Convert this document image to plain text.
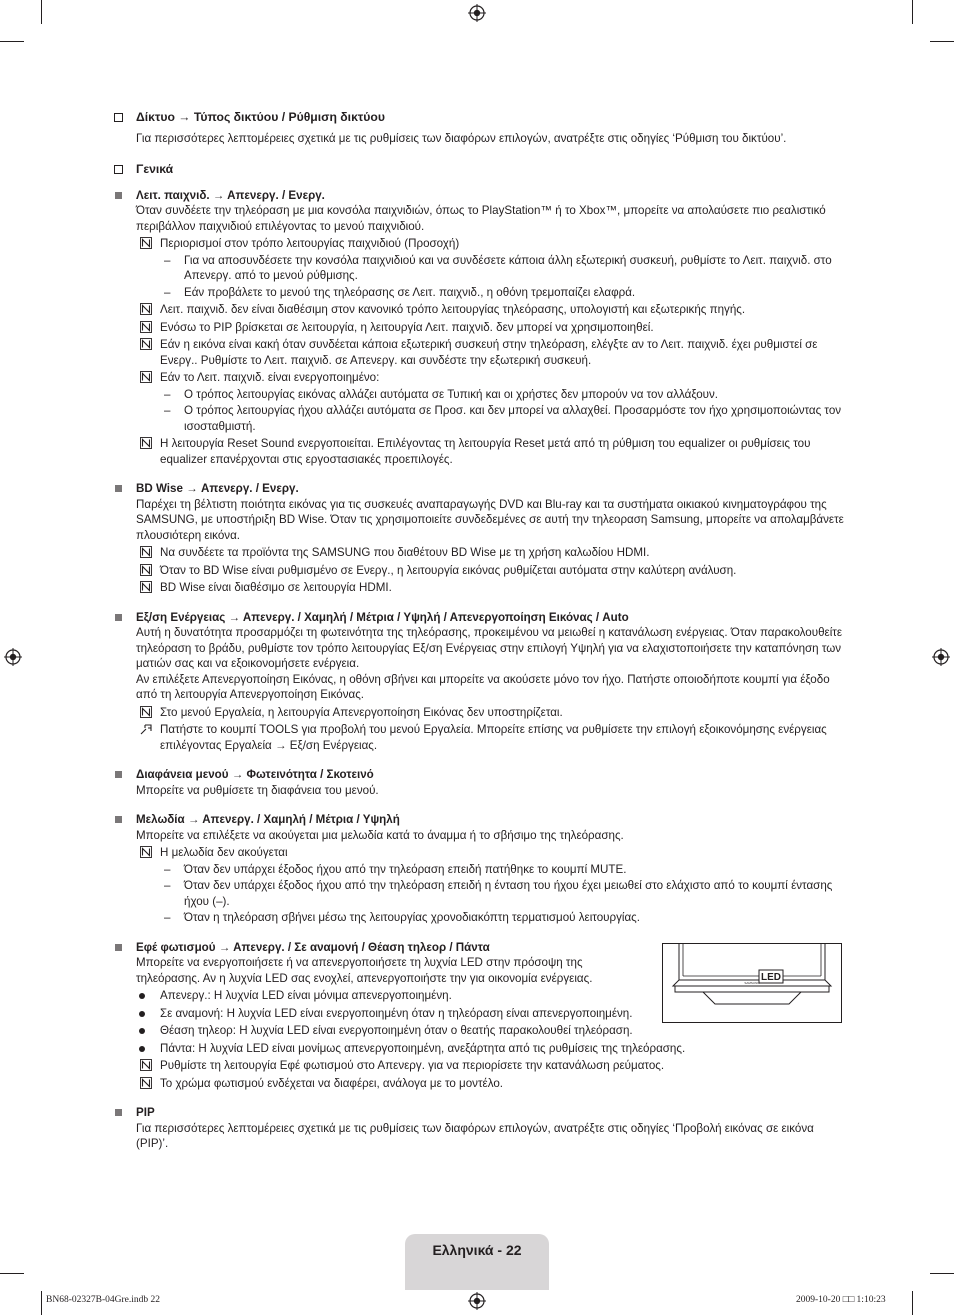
Δίκτυο → Τύπος δικτύου / Ρύθμιση δικτύου
Για περισσότερες λεπτομέρειες σχετικά με τις ρυθμίσεις των διαφόρων επιλογών, ανατρέξτε στις οδηγίες ‘Ρύθμιση του δικτύου’.
Γενικά
Λειτ. παιχνιδ. → Απενεργ. / Ενεργ.
Όταν συνδέετε την τηλεόραση με μια κονσόλα παιχνιδιών, όπως το PlayStation™ ή το Xbox™, μπορείτε να απολαύσετε πιο ρεαλιστικό περιβάλλον παιχνιδιού επιλέγοντας το μενού παιχνιδιού.
Περιορισμοί στον τρόπο λειτουργίας παιχνιδιού (Προσοχή)
– Για να αποσυνδέσετε την κονσόλα παιχνιδιού και να συνδέσετε κάποια άλλη εξωτερική συσκευή, ρυθμίστε το Λειτ. παιχνιδ. στο Απενεργ. από το μενού ρύθμισης.
– Εάν προβάλετε το μενού της τηλεόρασης σε Λειτ. παιχνιδ., η οθόνη τρεμοπαίζει ελαφρά.
Λειτ. παιχνιδ. δεν είναι διαθέσιμη στον κανονικό τρόπο λειτουργίας τηλεόρασης, υπολογιστή και εξωτερικής πηγής.
Ενόσω το PIP βρίσκεται σε λειτουργία, η λειτουργία Λειτ. παιχνιδ. δεν μπορεί να χρησιμοποιηθεί.
Εάν η εικόνα είναι κακή όταν συνδέεται κάποια εξωτερική συσκευή στην τηλεόραση, ελέγξτε αν το Λειτ. παιχνιδ. έχει ρυθμιστεί σε Ενεργ.. Ρυθμίστε το Λειτ. παιχνιδ. σε Απενεργ. και συνδέστε την εξωτερική συσκευή.
Εάν το Λειτ. παιχνιδ. είναι ενεργοποιημένο:
– Ο τρόπος λειτουργίας εικόνας αλλάζει αυτόματα σε Τυπική και οι χρήστες δεν μπορούν να τον αλλάξουν.
– Ο τρόπος λειτουργίας ήχου αλλάζει αυτόματα σε Προσ. και δεν μπορεί να αλλαχθεί. Προσαρμόστε τον ήχο χρησιμοποιώντας τον ισοσταθμιστή.
Η λειτουργία Reset Sound ενεργοποιείται. Επιλέγοντας τη λειτουργία Reset μετά από τη ρύθμιση του equalizer οι ρυθμίσεις του equalizer επανέρχονται στις εργοστασιακές προεπιλογές.
BD Wise → Απενεργ. / Ενεργ.
Παρέχει τη βέλτιστη ποιότητα εικόνας για τις συσκευές αναπαραγωγής DVD και Blu-ray και τα συστήματα οικιακού κινηματογράφου της SAMSUNG, με υποστήριξη BD Wise. Όταν τις χρησιμοποιείτε συνδεδεμένες σε αυτή την τηλεοραση Samsung, μπορείτε να απολαμβάνετε πλουσιότερη εικόνα.
Να συνδέετε τα προϊόντα της SAMSUNG που διαθέτουν BD Wise με τη χρήση καλωδίου HDMI.
Όταν το BD Wise είναι ρυθμισμένο σε Ενεργ., η λειτουργία εικόνας ρυθμίζεται αυτόματα στην καλύτερη ανάλυση.
BD Wise είναι διαθέσιμο σε λειτουργία HDMI.
Εξ/ση Ενέργειας → Απενεργ. / Χαμηλή / Μέτρια / Υψηλή / Απενεργοποίηση Εικόνας / Auto
Αυτή η δυνατότητα προσαρμόζει τη φωτεινότητα της τηλεόρασης, προκειμένου να μειωθεί η κατανάλωση ενέργειας. Όταν παρακολουθείτε τηλεόραση το βράδυ, ρυθμίστε τον τρόπο λειτουργίας Εξ/ση Ενέργειας στην επιλογή Υψηλή για να ελαχιστοποιήσετε την καταπόνηση των ματιών σας και να εξοικονομήσετε ενέργεια.
Αν επιλέξετε Απενεργοποίηση Εικόνας, η οθόνη σβήνει και μπορείτε να ακούσετε μόνο τον ήχο. Πατήστε οποιοδήποτε κουμπί για έξοδο από τη λειτουργία Απενεργοποίηση Εικόνας.
Στο μενού Εργαλεία, η λειτουργία Απενεργοποίηση Εικόνας δεν υποστηρίζεται.
Πατήστε το κουμπί TOOLS για προβολή του μενού Εργαλεία. Μπορείτε επίσης να ρυθμίσετε την επιλογή εξοικονόμησης ενέργειας επιλέγοντας Εργαλεία → Εξ/ση Ενέργειας.
Διαφάνεια μενού → Φωτεινότητα / Σκοτεινό
Μπορείτε να ρυθμίσετε τη διαφάνεια του μενού.
Μελωδία → Απενεργ. / Χαμηλή / Μέτρια / Υψηλή
Μπορείτε να επιλέξετε να ακούγεται μια μελωδία κατά το άναμμα ή το σβήσιμο της τηλεόρασης.
Η μελωδία δεν ακούγεται
– Όταν δεν υπάρχει έξοδος ήχου από την τηλεόραση επειδή πατήθηκε το κουμπί MUTE.
– Όταν δεν υπάρχει έξοδος ήχου από την τηλεόραση επειδή η ένταση του ήχου έχει μειωθεί στο ελάχιστο από το κουμπί έντασης ήχου (–).
– Όταν η τηλεόραση σβήνει μέσω της λειτουργίας χρονοδιακόπτη τερματισμού λειτουργίας.
Εφέ φωτισμού → Απενεργ. / Σε αναμονή / Θέαση τηλεορ / Πάντα
Μπορείτε να ενεργοποιήσετε ή να απενεργοποιήσετε τη λυχνία LED στην πρόσοψη της τηλεόρασης. Αν η λυχνία LED σας ενοχλεί, απενεργοποιήστε την για οικονομία ενέργειας.
Απενεργ.: Η λυχνία LED είναι μόνιμα απενεργοποιημένη.
Σε αναμονή: Η λυχνία LED είναι ενεργοποιημένη όταν η τηλεόραση είναι απενεργοποιημένη.
Θέαση τηλεορ: Η λυχνία LED είναι ενεργοποιημένη όταν ο θεατής παρακολουθεί τηλεόραση.
Πάντα: Η λυχνία LED είναι μονίμως απενεργοποιημένη, ανεξάρτητα από τις ρυθμίσεις της τηλεόρασης.
Ρυθμίστε τη λειτουργία Εφέ φωτισμού στο Απενεργ. για να περιορίσετε την κατανάλωση ρεύματος.
Το χρώμα φωτισμού ενδέχεται να διαφέρει, ανάλογα με το μοντέλο.
PIP
Για περισσότερες λεπτομέρειες σχετικά με τις ρυθμίσεις των διαφόρων επιλογών, ανατρέξτε στις οδηγίες ‘Προβολή εικόνας σε εικόνα (PIP)’.
LED
SAMSUNG
Ελληνικά - 22
BN68-02327B-04Gre.indb 22	2009-10-20 □□ 1:10:23
